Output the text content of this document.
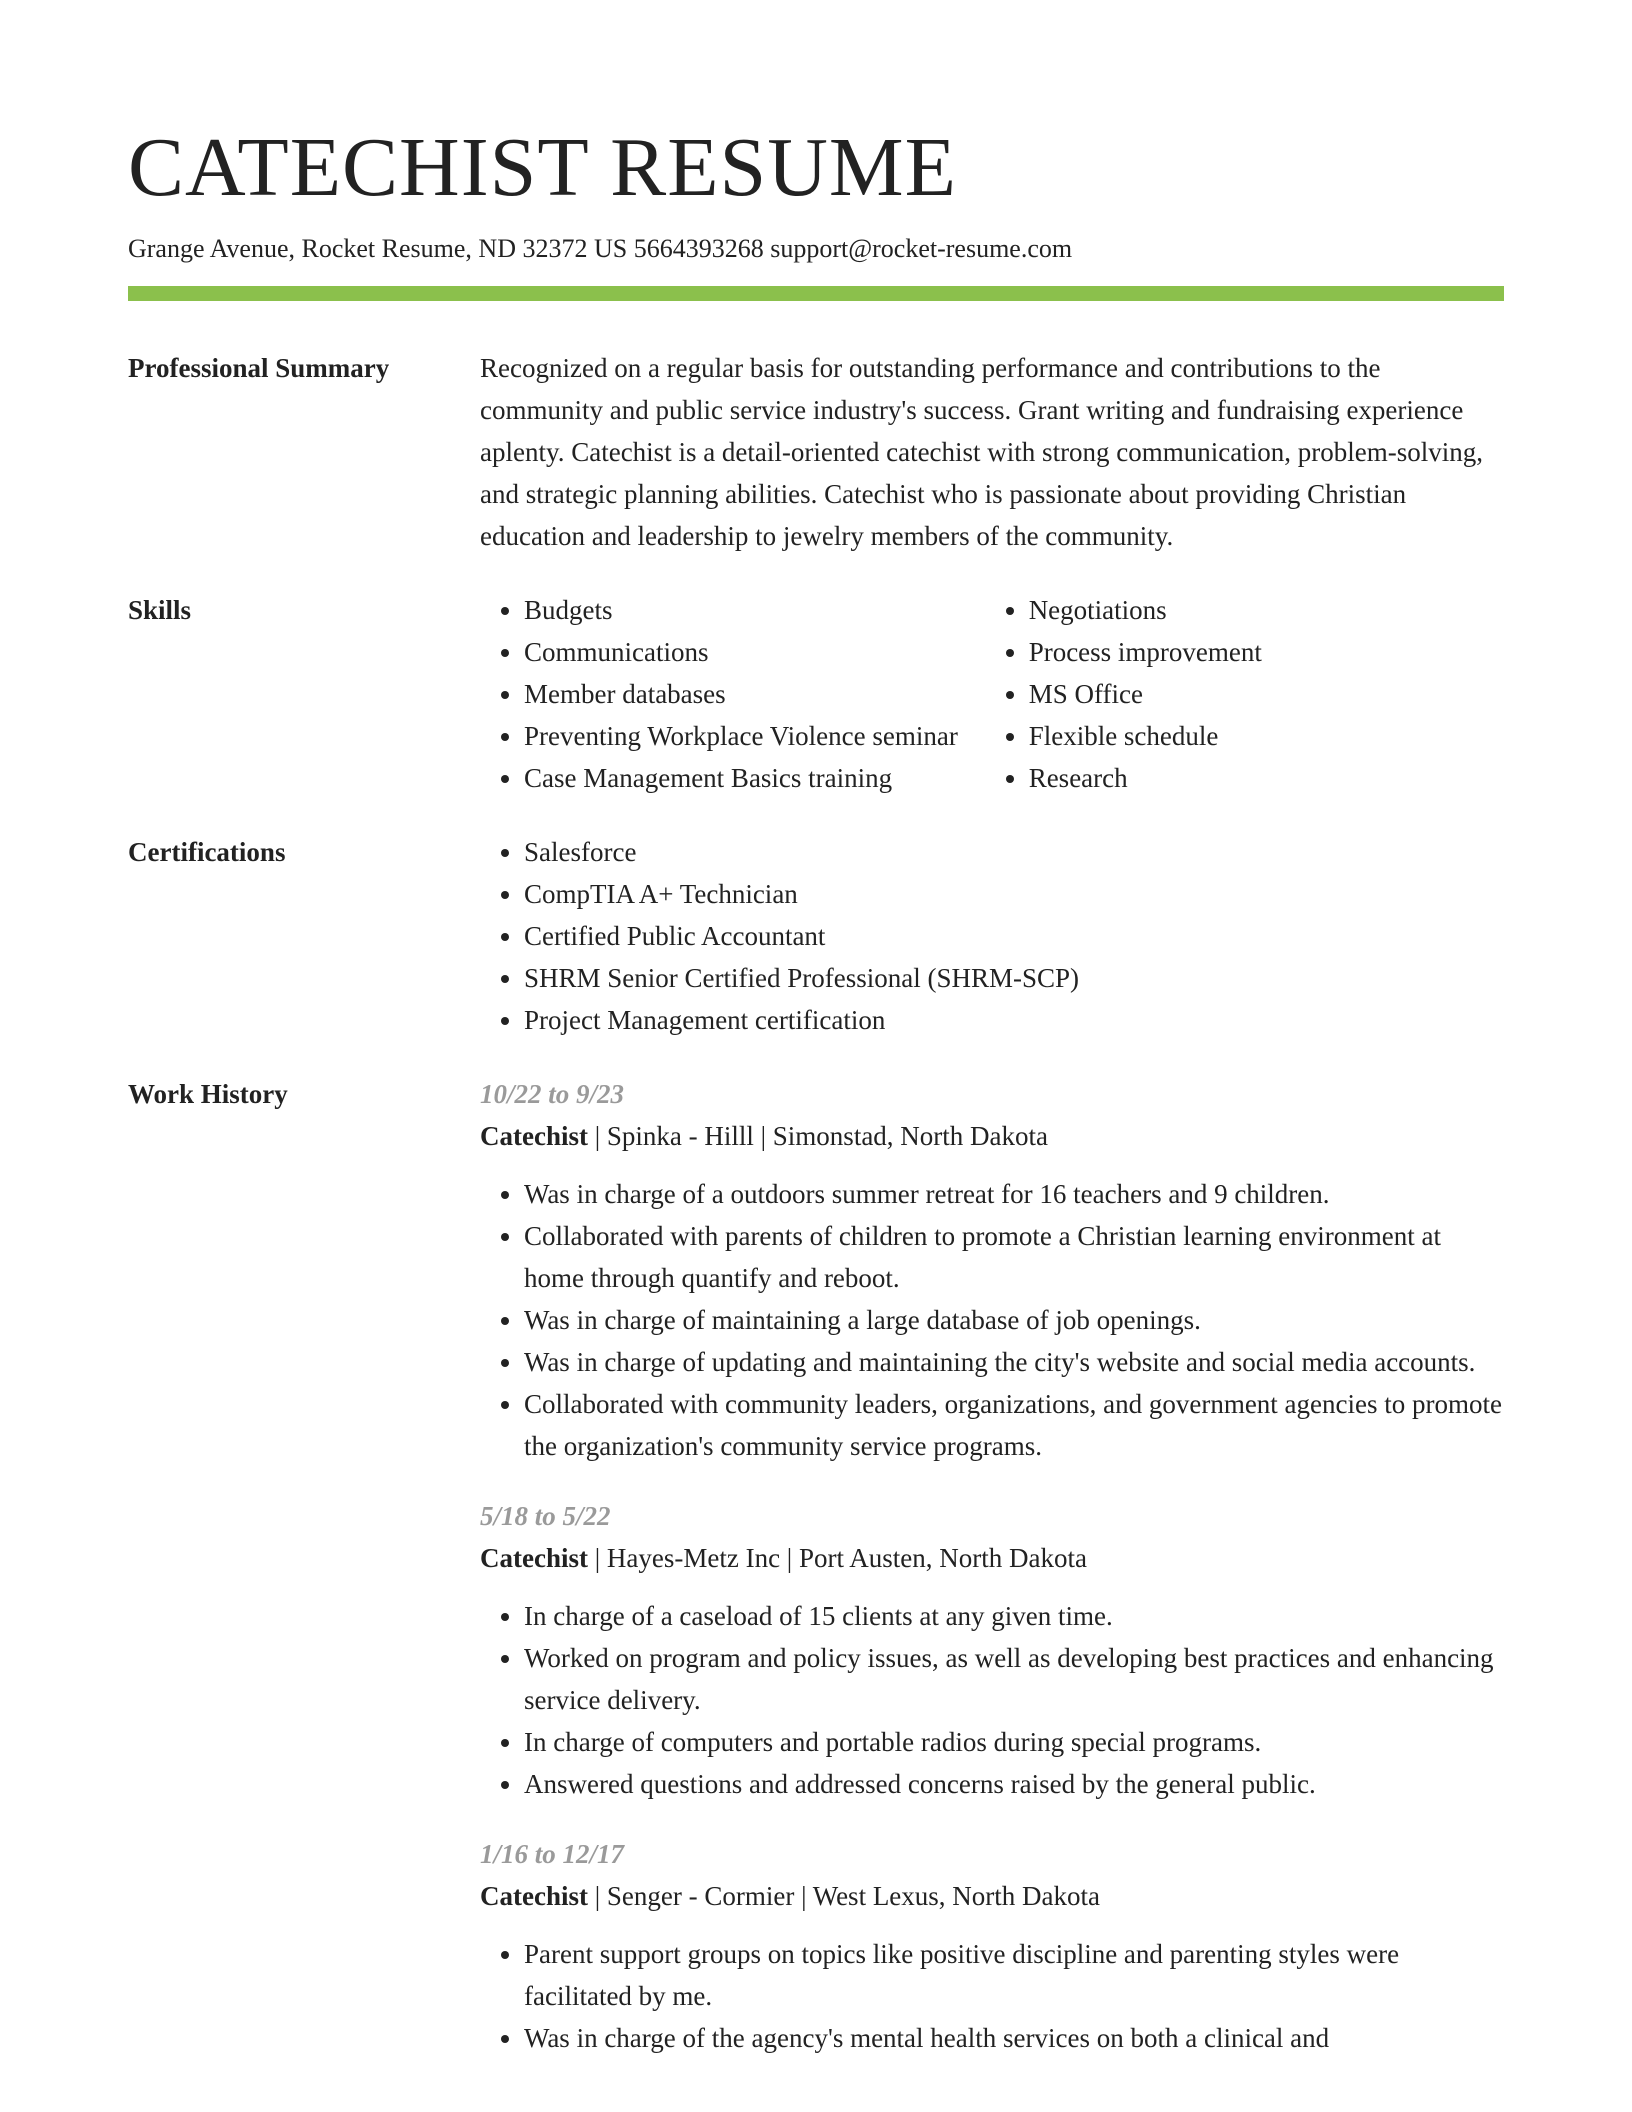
CATECHIST RESUME
Grange Avenue, Rocket Resume, ND 32372 US 5664393268 support@rocket-resume.com
Professional Summary	Recognized on a regular basis for outstanding performance and contributions to the community and public service industry's success. Grant writing and fundraising experience aplenty. Catechist is a detail-oriented catechist with strong communication, problem-solving, and strategic planning abilities. Catechist who is passionate about providing Christian education and leadership to jewelry members of the community.

Skills	• Budgets
• Communications
• Member databases
• Preventing Workplace Violence seminar
• Case Management Basics training
• Negotiations
• Process improvement
• MS Office
• Flexible schedule
• Research
Certifications	• Salesforce
• CompTIA A+ Technician
• Certified Public Accountant
• SHRM Senior Certified Professional (SHRM-SCP)
• Project Management certification
Work History	10/22 to 9/23
Catechist | Spinka - Hilll | Simonstad, North Dakota
• Was in charge of a outdoors summer retreat for 16 teachers and 9 children.
• Collaborated with parents of children to promote a Christian learning environment at home through quantify and reboot.
• Was in charge of maintaining a large database of job openings.
• Was in charge of updating and maintaining the city's website and social media accounts.
• Collaborated with community leaders, organizations, and government agencies to promote the organization's community service programs.
5/18 to 5/22
Catechist | Hayes-Metz Inc | Port Austen, North Dakota
• In charge of a caseload of 15 clients at any given time.
• Worked on program and policy issues, as well as developing best practices and enhancing service delivery.
• In charge of computers and portable radios during special programs.
• Answered questions and addressed concerns raised by the general public.
1/16 to 12/17
Catechist | Senger - Cormier | West Lexus, North Dakota
• Parent support groups on topics like positive discipline and parenting styles were facilitated by me.
• Was in charge of the agency's mental health services on both a clinical and
